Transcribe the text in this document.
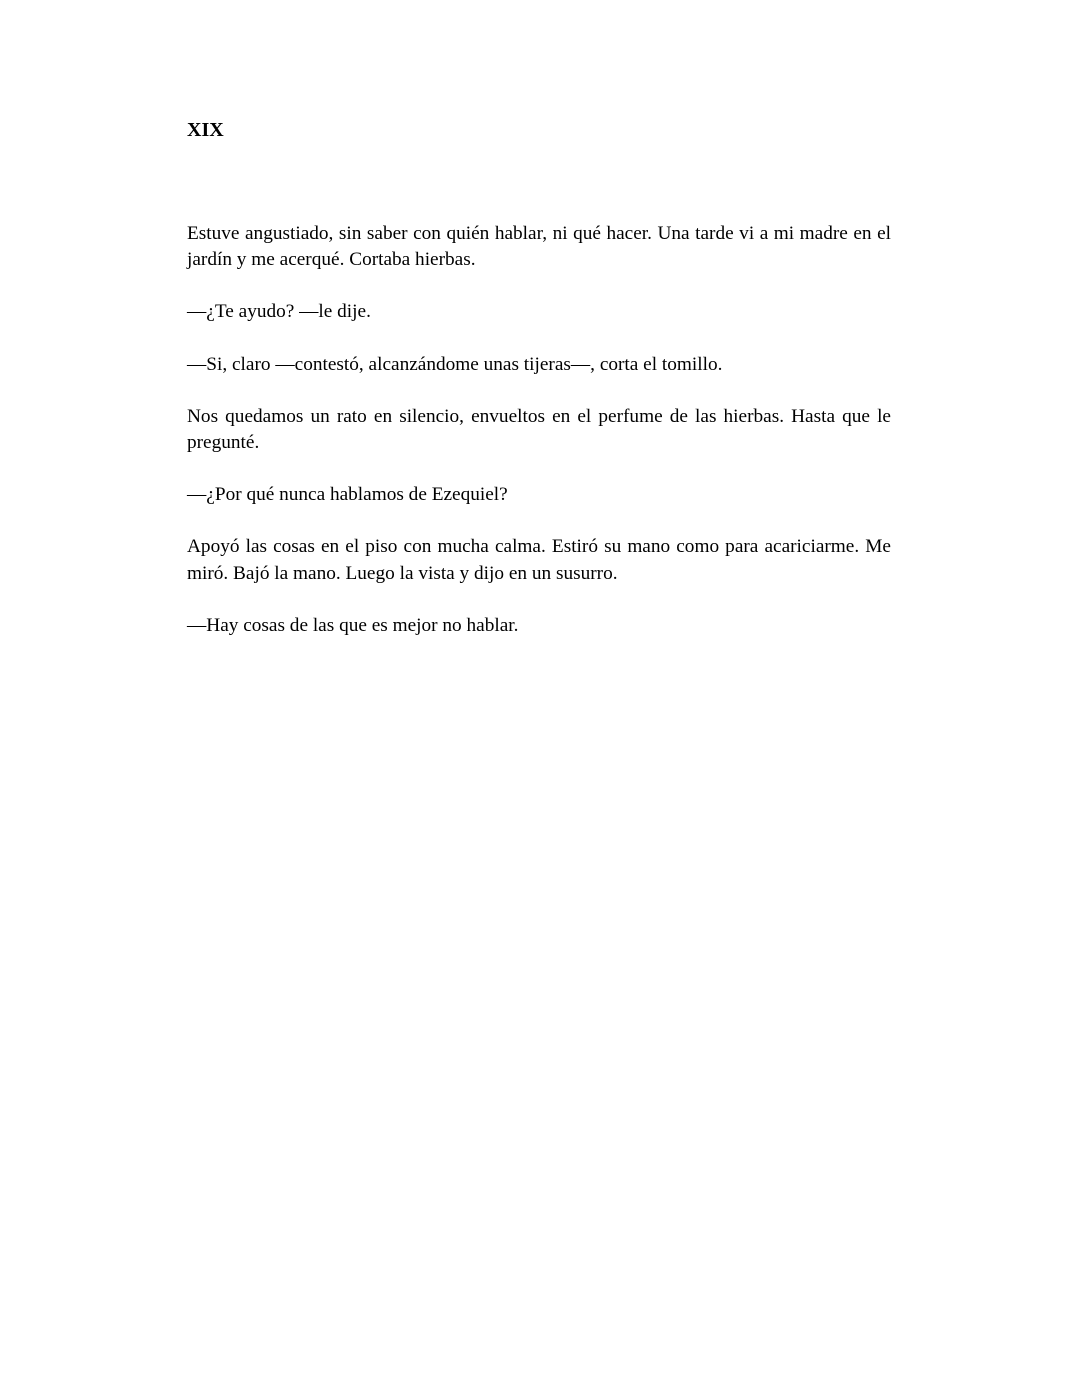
XIX

Estuve angustiado, sin saber con quién hablar, ni qué hacer. Una tarde vi a mi madre en el jardín y me acerqué. Cortaba hierbas.

—¿Te ayudo? —le dije.

—Si, claro —contestó, alcanzándome unas tijeras—, corta el tomillo.

Nos quedamos un rato en silencio, envueltos en el perfume de las hierbas. Hasta que le pregunté.

—¿Por qué nunca hablamos de Ezequiel?

Apoyó las cosas en el piso con mucha calma. Estiró su mano como para acariciarme. Me miró. Bajó la mano. Luego la vista y dijo en un susurro.

—Hay cosas de las que es mejor no hablar.
